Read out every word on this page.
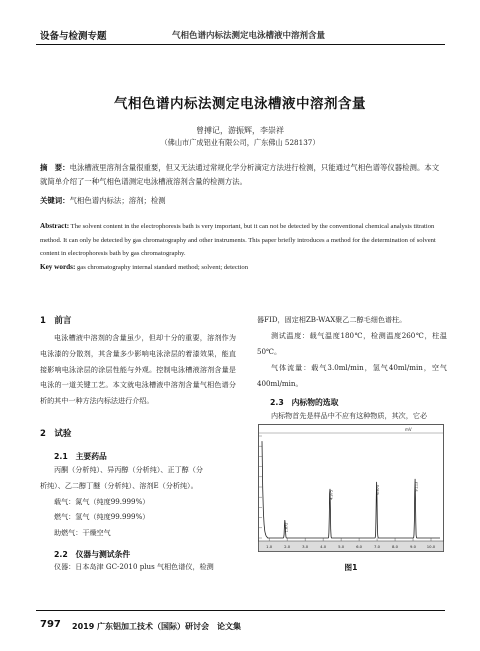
设备与检测专题	气相色谱内标法测定电泳槽液中溶剂含量
气相色谱内标法测定电泳槽液中溶剂含量
曾搏记，游振辉，李崇祥
（佛山市广成铝业有限公司，广东佛山 528137）
摘　要：电泳槽液里溶剂含量很重要，但又无法通过常规化学分析滴定方法进行检测，只能通过气相色谱等仪器检测。本文就简单介绍了一种气相色谱测定电泳槽液溶剂含量的检测方法。
关键词：气相色谱内标法；溶剂；检测
Abstract: The solvent content in the electrophoresis bath is very important, but it can not be detected by the conventional chemical analysis titration method. It can only be detected by gas chromatography and other instruments. This paper briefly introduces a method for the determination of solvent content in electrophoresis bath by gas chromatography.
Key words: gas chromatography internal standard method; solvent; detection
1　前言
电泳槽液中溶剂的含量虽少，但却十分的重要，溶剂作为电泳漆的分散剂，其含量多少影响电泳涂层的着漆效果，能直接影响电泳涂层的涂层性能与外观。控制电泳槽液溶剂含量是电泳的一道关键工艺。本文就电泳槽液中溶剂含量气相色谱分析的其中一种方法内标法进行介绍。
2　试验
2.1　主要药品
丙酮（分析纯）、异丙醇（分析纯）、正丁醇（分
析纯）、乙二醇丁醚（分析纯）、溶剂E（分析纯）。
载气：氮气（纯度99.999%）
燃气：氢气（纯度99.999%）
助燃气：干燥空气
2.2　仪器与测试条件
仪器：日本岛津 GC-2010 plus 气相色谱仪，检测
器FID，固定相ZB-WAX聚乙二醇毛细色谱柱。
测试温度：载气温度180℃，检测温度260℃，柱温50℃。
气体流量：载气3.0ml/min，氢气40ml/min，空气400ml/min。
2.3　内标物的选取
内标物首先是样品中不应有这种物质，其次，它必
mV
1.872
4.375
6.975	9.113
1.0	2.0	3.0	4.0	5.0	6.0	7.0	8.0	9.0	10.0
图1
797 2019 广东铝加工技术（国际）研讨会　论文集
